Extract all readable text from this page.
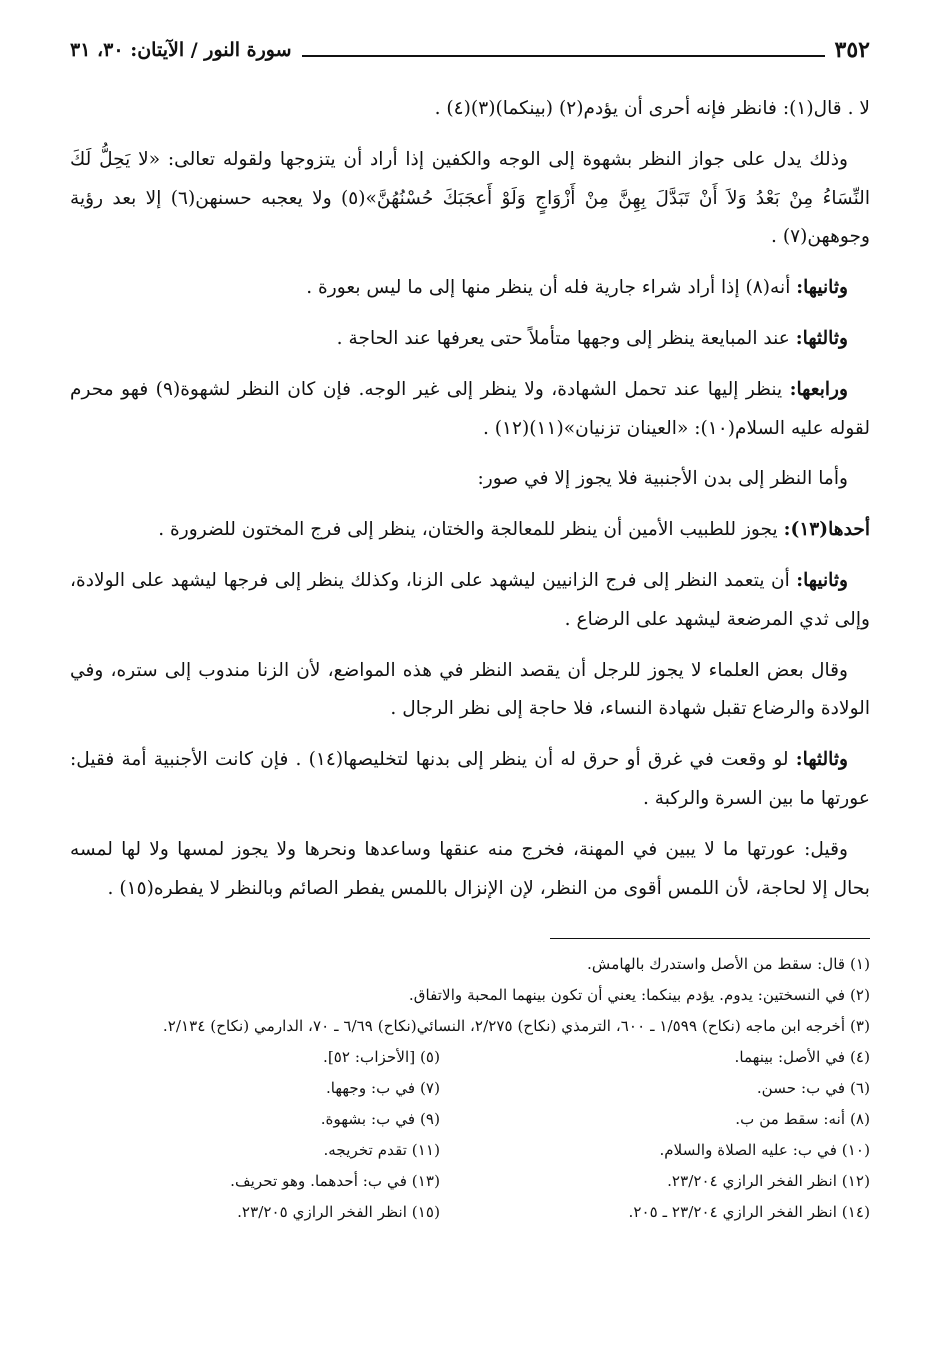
٣٥٢
سورة النور / الآيتان: ٣٠، ٣١

لا . قال(١): فانظر فإنه أحرى أن يؤدم(٢) (بينكما)(٣)(٤) .

وذلك يدل على جواز النظر بشهوة إلى الوجه والكفين إذا أراد أن يتزوجها ولقوله تعالى: «لا يَحِلُّ لَكَ النِّسَاءُ مِنْ بَعْدُ وَلاَ أَنْ تَبَدَّلَ بِهِنَّ مِنْ أَزْوَاجٍ وَلَوْ أَعجَبَكَ حُسْنُهُنَّ»(٥) ولا يعجبه حسنهن(٦) إلا بعد رؤية وجوههن(٧) .

وثانيها: أنه(٨) إذا أراد شراء جارية فله أن ينظر منها إلى ما ليس بعورة .

وثالثها: عند المبايعة ينظر إلى وجهها متأملاً حتى يعرفها عند الحاجة .

ورابعها: ينظر إليها عند تحمل الشهادة، ولا ينظر إلى غير الوجه. فإن كان النظر لشهوة(٩) فهو محرم لقوله عليه السلام(١٠): «العينان تزنيان»(١١)(١٢) .

وأما النظر إلى بدن الأجنبية فلا يجوز إلا في صور:

أحدها(١٣): يجوز للطبيب الأمين أن ينظر للمعالجة والختان، ينظر إلى فرج المختون للضرورة .

وثانيها: أن يتعمد النظر إلى فرج الزانيين ليشهد على الزنا، وكذلك ينظر إلى فرجها ليشهد على الولادة، وإلى ثدي المرضعة ليشهد على الرضاع .

وقال بعض العلماء لا يجوز للرجل أن يقصد النظر في هذه المواضع، لأن الزنا مندوب إلى ستره، وفي الولادة والرضاع تقبل شهادة النساء، فلا حاجة إلى نظر الرجال .

وثالثها: لو وقعت في غرق أو حرق له أن ينظر إلى بدنها لتخليصها(١٤) . فإن كانت الأجنبية أمة فقيل: عورتها ما بين السرة والركبة .

وقيل: عورتها ما لا يبين في المهنة، فخرج منه عنقها وساعدها ونحرها ولا يجوز لمسها ولا لها لمسه بحال إلا لحاجة، لأن اللمس أقوى من النظر، لإن الإنزال باللمس يفطر الصائم وبالنظر لا يفطره(١٥) .

(١) قال: سقط من الأصل واستدرك بالهامش.
(٢) في النسختين: يدوم. يؤدم بينكما: يعني أن تكون بينهما المحبة والاتفاق.
(٣) أخرجه ابن ماجه (نكاح) ١/٥٩٩ ـ ٦٠٠، الترمذي (نكاح) ٢/٢٧٥، النسائي(نكاح) ٦/٦٩ ـ ٧٠، الدارمي (نكاح) ٢/١٣٤.
(٤) في الأصل: بينهما.
(٥) [الأحزاب: ٥٢].
(٦) في ب: حسن.
(٧) في ب: وجهها.
(٨) أنه: سقط من ب.
(٩) في ب: بشهوة.
(١٠) في ب: عليه الصلاة والسلام.
(١١) تقدم تخريجه.
(١٢) انظر الفخر الرازي ٢٣/٢٠٤.
(١٣) في ب: أحدهما. وهو تحريف.
(١٤) انظر الفخر الرازي ٢٣/٢٠٤ ـ ٢٠٥.
(١٥) انظر الفخر الرازي ٢٣/٢٠٥.
